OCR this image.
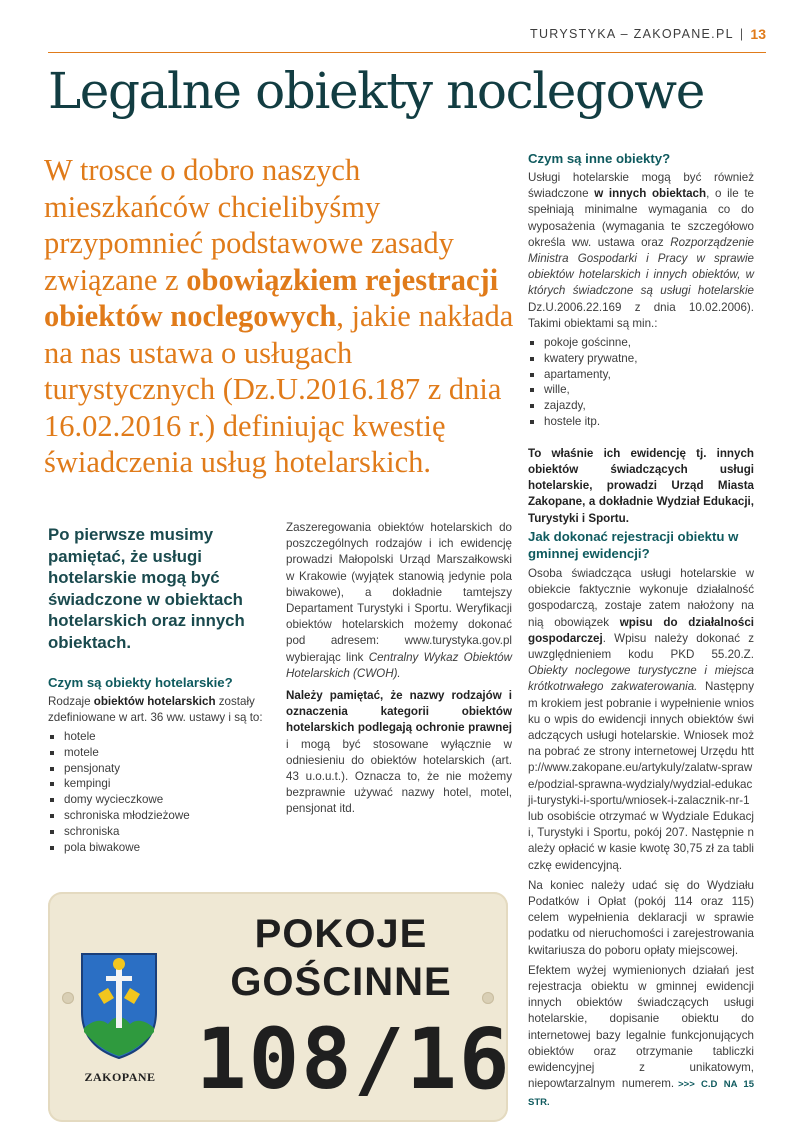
TURYSTYKA – ZAKOPANE.PL | 13
Legalne obiekty noclegowe

W trosce o dobro naszych mieszkańców chcielibyśmy przypomnieć podstawowe zasady związane z obowiązkiem rejestracji obiektów noclegowych, jakie nakłada na nas ustawa o usługach turystycznych (Dz.U.2016.187 z dnia 16.02.2016 r.) definiując kwestię świadczenia usług hotelarskich.

Czym są inne obiekty?

Usługi hotelarskie mogą być również świadczone w innych obiektach, o ile te spełniają minimalne wymagania co do wyposażenia (wymagania te szczegółowo określa ww. ustawa oraz Rozporządzenie Ministra Gospodarki i Pracy w sprawie obiektów hotelarskich i innych obiektów, w których świadczone są usługi hotelarskie Dz.U.2006.22.169 z dnia 10.02.2006). Takimi obiektami są min.:

pokoje gościnne,
kwatery prywatne,
apartamenty,
wille,
zajazdy,
hostele itp.

To właśnie ich ewidencję tj. innych obiektów świadczących usługi hotelarskie, prowadzi Urząd Miasta Zakopane, a dokładnie Wydział Edukacji, Turystyki i Sportu.

Po pierwsze musimy pamiętać, że usługi hotelarskie mogą być świadczone w obiektach hotelarskich oraz innych obiektach.

Czym są obiekty hotelarskie?

Rodzaje obiektów hotelarskich zostały zdefiniowane w art. 36 ww. ustawy i są to:

hotele
motele
pensjonaty
kempingi
domy wycieczkowe
schroniska młodzieżowe
schroniska
pola biwakowe

Zaszeregowania obiektów hotelarskich do poszczególnych rodzajów i ich ewidencję prowadzi Małopolski Urząd Marszałkowski w Krakowie (wyjątek stanowią jedynie pola biwakowe), a dokładnie tamtejszy Departament Turystyki i Sportu. Weryfikacji obiektów hotelarskich możemy dokonać pod adresem: www.turystyka.gov.pl wybierając link Centralny Wykaz Obiektów Hotelarskich (CWOH).

Należy pamiętać, że nazwy rodzajów i oznaczenia kategorii obiektów hotelarskich podlegają ochronie prawnej i mogą być stosowane wyłącznie w odniesieniu do obiektów hotelarskich (art. 43 u.o.u.t.). Oznacza to, że nie możemy bezprawnie używać nazwy hotel, motel, pensjonat itd.

Jak dokonać rejestracji obiektu w gminnej ewidencji?

Osoba świadcząca usługi hotelarskie w obiekcie faktycznie wykonuje działalność gospodarczą, zostaje zatem nałożony na nią obowiązek wpisu do działalności gospodarczej. Wpisu należy dokonać z uwzględnieniem kodu PKD 55.20.Z. Obiekty noclegowe turystyczne i miejsca krótkotrwałego zakwaterowania. Następnym krokiem jest pobranie i wypełnienie wniosku o wpis do ewidencji innych obiektów świadczących usługi hotelarskie. Wniosek można pobrać ze strony internetowej Urzędu http://www.zakopane.eu/artykuly/zalatw-sprawe/podzial-sprawna-wydzialy/wydzial-edukacji-turystyki-i-sportu/wniosek-i-zalacznik-nr-1 lub osobiście otrzymać w Wydziale Edukacji, Turystyki i Sportu, pokój 207. Następnie należy opłacić w kasie kwotę 30,75 zł za tabliczkę ewidencyjną.

Na koniec należy udać się do Wydziału Podatków i Opłat (pokój 114 oraz 115) celem wypełnienia deklaracji w sprawie podatku od nieruchomości i zarejestrowania kwitariusza do poboru opłaty miejscowej.

Efektem wyżej wymienionych działań jest rejestracja obiektu w gminnej ewidencji innych obiektów świadczących usługi hotelarskie, dopisanie obiektu do internetowej bazy legalnie funkcjonujących obiektów oraz otrzymanie tabliczki ewidencyjnej z unikatowym, niepowtarzalnym numerem. >>> C.D NA 15 STR.

ZAKOPANE
POKOJE
GOŚCINNE
108/16
